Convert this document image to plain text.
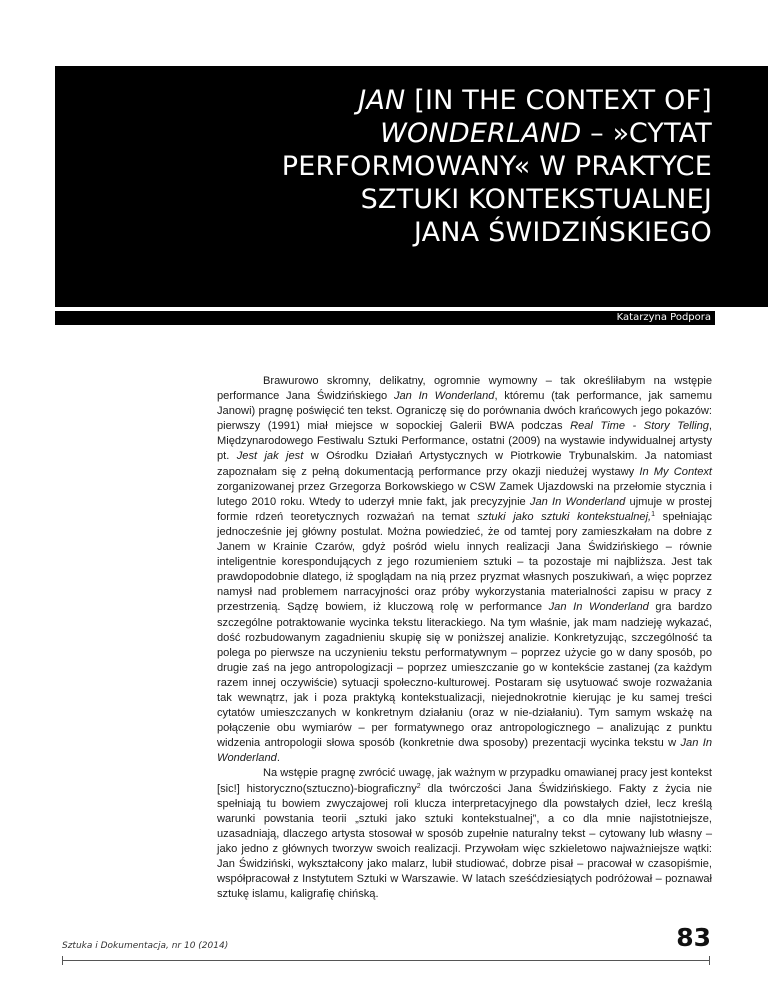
JAN [IN THE CONTEXT OF]
WONDERLAND – »CYTAT
PERFORMOWANY« W PRAKTYCE
SZTUKI KONTEKSTUALNEJ
JANA ŚWIDZIŃSKIEGO
Katarzyna Podpora

Brawurowo skromny, delikatny, ogromnie wymowny – tak określiłabym na wstępie performance Jana Świdzińskiego Jan In Wonderland, któremu (tak performance, jak samemu Janowi) pragnę poświęcić ten tekst. Ograniczę się do porównania dwóch krańcowych jego pokazów: pierwszy (1991) miał miejsce w sopockiej Galerii BWA podczas Real Time - Story Telling, Międzynarodowego Festiwalu Sztuki Performance, ostatni (2009) na wystawie indywidualnej artysty pt. Jest jak jest w Ośrodku Działań Artystycznych w Piotrkowie Trybunalskim. Ja natomiast zapoznałam się z pełną dokumentacją performance przy okazji niedużej wystawy In My Context zorganizowanej przez Grzegorza Borkowskiego w CSW Zamek Ujazdowski na przełomie stycznia i lutego 2010 roku. Wtedy to uderzył mnie fakt, jak precyzyjnie Jan In Wonderland ujmuje w prostej formie rdzeń teoretycznych rozważań na temat sztuki jako sztuki kontekstualnej,$^1$ spełniając jednocześnie jej główny postulat. Można powiedzieć, że od tamtej pory zamieszkałam na dobre z Janem w Krainie Czarów, gdyż pośród wielu innych realizacji Jana Świdzińskiego – równie inteligentnie korespondujących z jego rozumieniem sztuki – ta pozostaje mi najbliższa. Jest tak prawdopodobnie dlatego, iż spoglądam na nią przez pryzmat własnych poszukiwań, a więc poprzez namysł nad problemem narracyjności oraz próby wykorzystania materialności zapisu w pracy z przestrzenią. Sądzę bowiem, iż kluczową rolę w performance Jan In Wonderland gra bardzo szczególne potraktowanie wycinka tekstu literackiego. Na tym właśnie, jak mam nadzieję wykazać, dość rozbudowanym zagadnieniu skupię się w poniższej analizie. Konkretyzując, szczególność ta polega po pierwsze na uczynieniu tekstu performatywnym – poprzez użycie go w dany sposób, po drugie zaś na jego antropologizacji – poprzez umieszczanie go w kontekście zastanej (za każdym razem innej oczywiście) sytuacji społeczno-kulturowej. Postaram się usytuować swoje rozważania tak wewnątrz, jak i poza praktyką kontekstualizacji, niejednokrotnie kierując je ku samej treści cytatów umieszczanych w konkretnym działaniu (oraz w nie-działaniu). Tym samym wskażę na połączenie obu wymiarów – per formatywnego oraz antropologicznego – analizując z punktu widzenia antropologii słowa sposób (konkretnie dwa sposoby) prezentacji wycinka tekstu w Jan In Wonderland.

Na wstępie pragnę zwrócić uwagę, jak ważnym w przypadku omawianej pracy jest kontekst [sic!] historyczno(sztuczno)-biograficzny$^2$ dla twórczości Jana Świdzińskiego. Fakty z życia nie spełniają tu bowiem zwyczajowej roli klucza interpretacyjnego dla powstałych dzieł, lecz kreślą warunki powstania teorii „sztuki jako sztuki kontekstualnej”, a co dla mnie najistotniejsze, uzasadniają, dlaczego artysta stosował w sposób zupełnie naturalny tekst – cytowany lub własny – jako jedno z głównych tworzyw swoich realizacji. Przywołam więc szkieletowo najważniejsze wątki: Jan Świdziński, wykształcony jako malarz, lubił studiować, dobrze pisał – pracował w czasopiśmie, współpracował z Instytutem Sztuki w Warszawie. W latach sześćdziesiątych podróżował – poznawał sztukę islamu, kaligrafię chińską.

Sztuka i Dokumentacja, nr 10 (2014)	83
